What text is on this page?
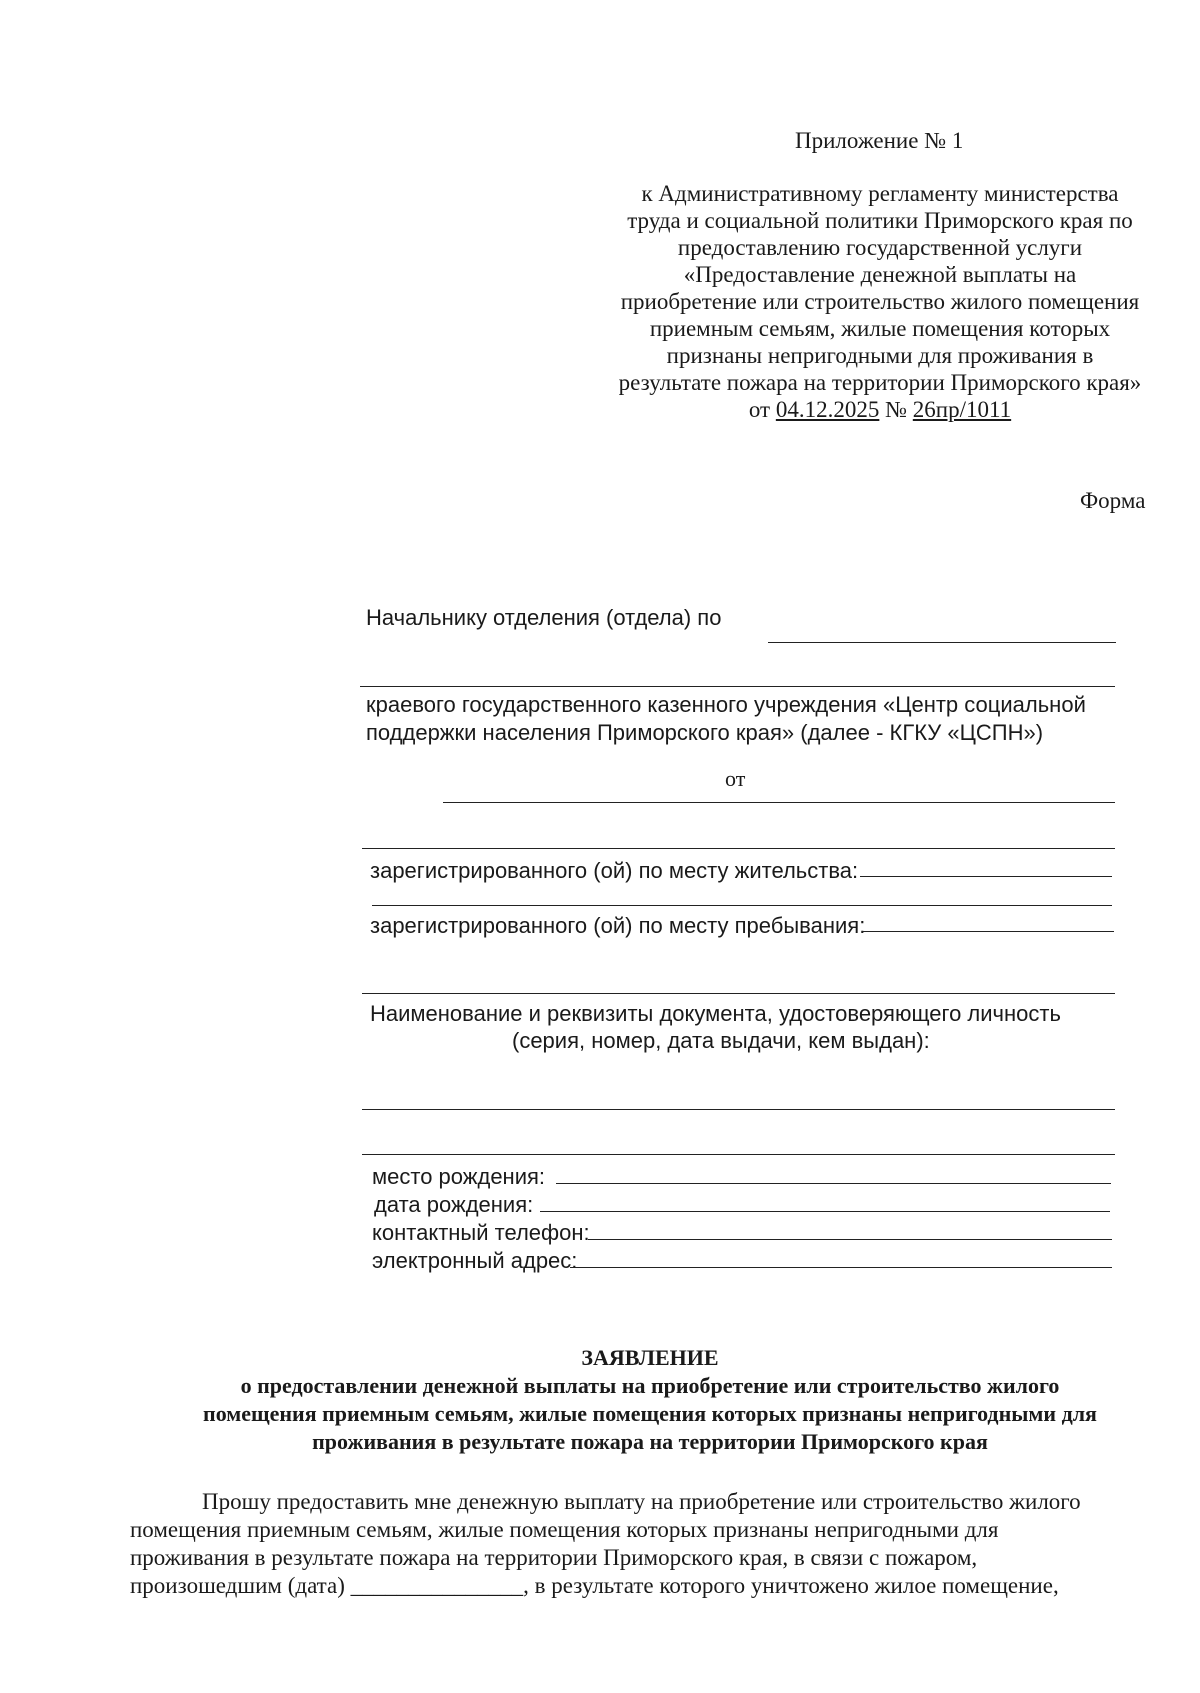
Приложение № 1
к Административному регламенту министерства
труда и социальной политики Приморского края по
предоставлению государственной услуги
«Предоставление денежной выплаты на
приобретение или строительство жилого помещения
приемным семьям, жилые помещения которых
признаны непригодными для проживания в
результате пожара на территории Приморского края»
от 04.12.2025 № 26пр/1011
Форма
Начальнику отделения (отдела) по
краевого государственного казенного учреждения «Центр социальной
поддержки населения Приморского края» (далее - КГКУ «ЦСПН»)
от
зарегистрированного (ой) по месту жительства:
зарегистрированного (ой) по месту пребывания:
Наименование и реквизиты документа, удостоверяющего личность
(серия, номер, дата выдачи, кем выдан):
место рождения:
дата рождения:
контактный телефон:
электронный адрес:
ЗАЯВЛЕНИЕ
о предоставлении денежной выплаты на приобретение или строительство жилого
помещения приемным семьям, жилые помещения которых признаны непригодными для
проживания в результате пожара на территории Приморского края
Прошу предоставить мне денежную выплату на приобретение или строительство жилого
помещения приемным семьям, жилые помещения которых признаны непригодными для
проживания в результате пожара на территории Приморского края, в связи с пожаром,
произошедшим (дата) _______________, в результате которого уничтожено жилое помещение,
